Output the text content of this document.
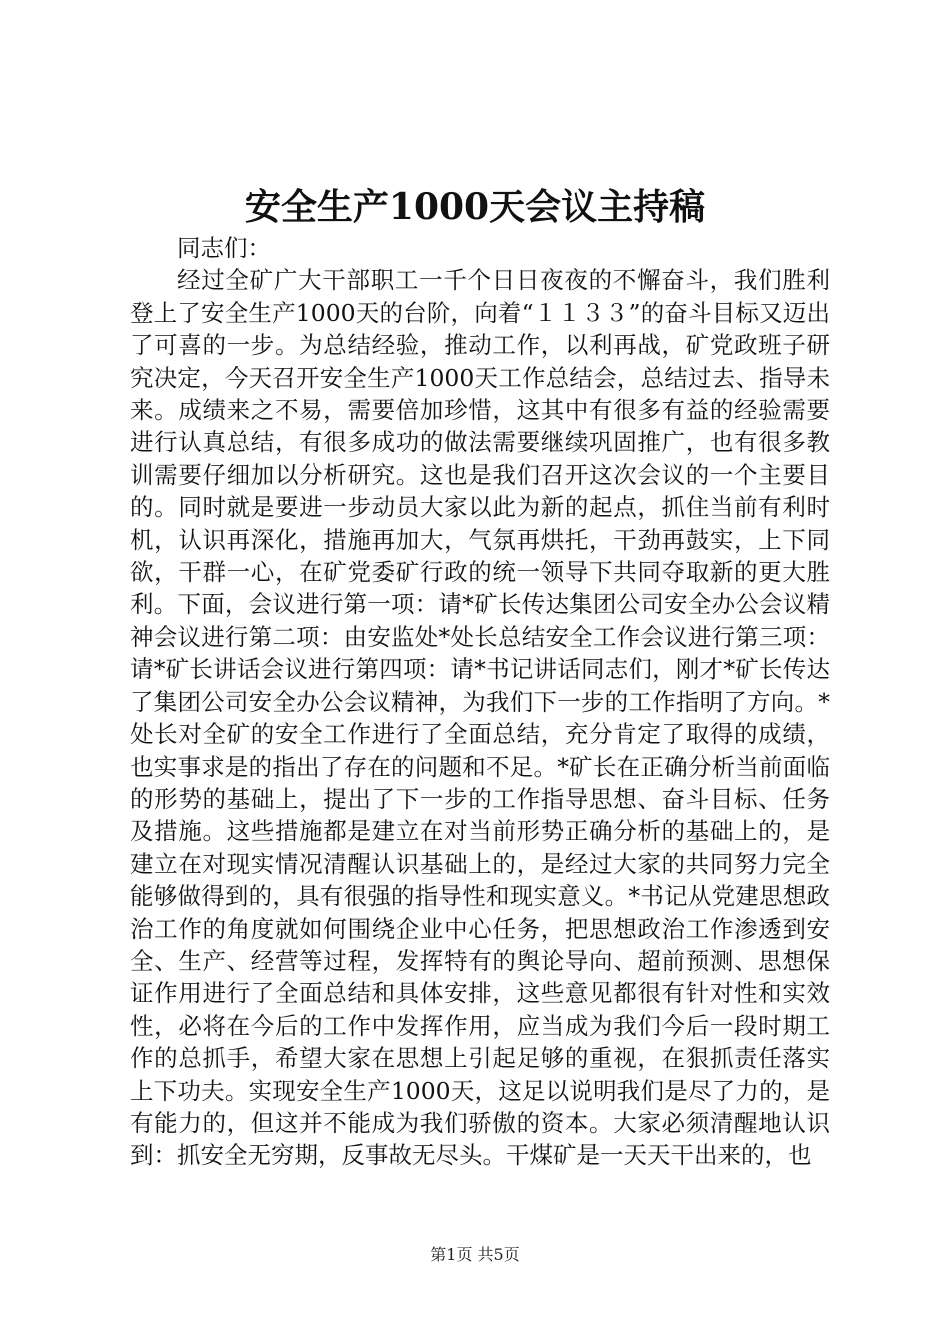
安全生产1000天会议主持稿

同志们：

经过全矿广大干部职工一千个日日夜夜的不懈奋斗，我们胜利登上了安全生产1000天的台阶，向着“１１３３”的奋斗目标又迈出了可喜的一步。为总结经验，推动工作，以利再战，矿党政班子研究决定，今天召开安全生产1000天工作总结会，总结过去、指导未来。成绩来之不易，需要倍加珍惜，这其中有很多有益的经验需要进行认真总结，有很多成功的做法需要继续巩固推广，也有很多教训需要仔细加以分析研究。这也是我们召开这次会议的一个主要目的。同时就是要进一步动员大家以此为新的起点，抓住当前有利时机，认识再深化，措施再加大，气氛再烘托，干劲再鼓实，上下同欲，干群一心，在矿党委矿行政的统一领导下共同夺取新的更大胜利。下面，会议进行第一项：请*矿长传达集团公司安全办公会议精神会议进行第二项：由安监处*处长总结安全工作会议进行第三项：请*矿长讲话会议进行第四项：请*书记讲话同志们，刚才*矿长传达了集团公司安全办公会议精神，为我们下一步的工作指明了方向。*处长对全矿的安全工作进行了全面总结，充分肯定了取得的成绩，也实事求是的指出了存在的问题和不足。*矿长在正确分析当前面临的形势的基础上，提出了下一步的工作指导思想、奋斗目标、任务及措施。这些措施都是建立在对当前形势正确分析的基础上的，是建立在对现实情况清醒认识基础上的，是经过大家的共同努力完全能够做得到的，具有很强的指导性和现实意义。*书记从党建思想政治工作的角度就如何围绕企业中心任务，把思想政治工作渗透到安全、生产、经营等过程，发挥特有的舆论导向、超前预测、思想保证作用进行了全面总结和具体安排，这些意见都很有针对性和实效性，必将在今后的工作中发挥作用，应当成为我们今后一段时期工作的总抓手，希望大家在思想上引起足够的重视，在狠抓责任落实上下功夫。实现安全生产1000天，这足以说明我们是尽了力的，是有能力的，但这并不能成为我们骄傲的资本。大家必须清醒地认识到：抓安全无穷期，反事故无尽头。干煤矿是一天天干出来的，也

第1页 共5页
